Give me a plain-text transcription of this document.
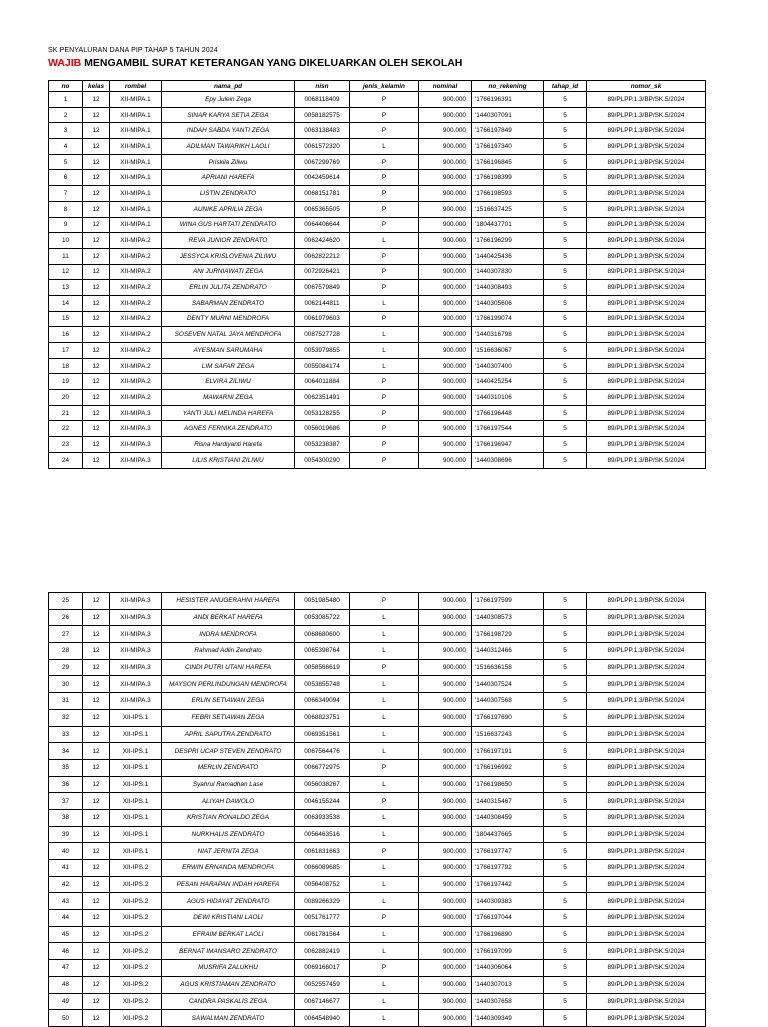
SK PENYALURAN DANA PIP TAHAP 5 TAHUN 2024
WAJIB MENGAMBIL SURAT KETERANGAN YANG DIKELUARKAN OLEH SEKOLAH
no	kelas	rombel	nama_pd	nisn	jenis_kelamin	nominal	no_rekening	tahap_id	nomor_sk
1	12	XII-MIPA.1	Epy Julein Zega	0068118409	P	900.000	'1766196391	5	89/PLPP.1.3/BP/SK.5/2024
2	12	XII-MIPA.1	SINAR KARYA SETIA ZEGA	0058182575	P	900.000	'1440307091	5	89/PLPP.1.3/BP/SK.5/2024
3	12	XII-MIPA.1	INDAH SABDA YANTI ZEGA	0063138483	P	900.000	'1766197849	5	89/PLPP.1.3/BP/SK.5/2024
4	12	XII-MIPA.1	ADILMAN TAWARIKH LAOLI	0061572320	L	900.000	'1766197340	5	89/PLPP.1.3/BP/SK.5/2024
5	12	XII-MIPA.1	Priskila Ziliwu	0067299769	P	900.000	'1766196845	5	89/PLPP.1.3/BP/SK.5/2024
6	12	XII-MIPA.1	APRIANI HAREFA	0042459614	P	900.000	'1766198399	5	89/PLPP.1.3/BP/SK.5/2024
7	12	XII-MIPA.1	LISTIN ZENDRATO	0068151781	P	900.000	'1766198593	5	89/PLPP.1.3/BP/SK.5/2024
8	12	XII-MIPA.1	AUNIKE APRILIA ZEGA	0065365505	P	900.000	'1516637425	5	89/PLPP.1.3/BP/SK.5/2024
9	12	XII-MIPA.1	WINA GUS HARTATI ZENDRATO	0064406644	P	900.000	'1804437701	5	89/PLPP.1.3/BP/SK.5/2024
10	12	XII-MIPA.2	REVA JUNIOR ZENDRATO	0062424620	L	900.000	'1766196299	5	89/PLPP.1.3/BP/SK.5/2024
11	12	XII-MIPA.2	JESSYCA KRISLOVENIA ZILIWU	0062822212	P	900.000	'1440425436	5	89/PLPP.1.3/BP/SK.5/2024
12	12	XII-MIPA.2	ANI JURNIAWATI ZEGA	0072926421	P	900.000	'1440307830	5	89/PLPP.1.3/BP/SK.5/2024
13	12	XII-MIPA.2	ERLIN JULITA ZENDRATO	0067579849	P	900.000	'1440308493	5	89/PLPP.1.3/BP/SK.5/2024
14	12	XII-MIPA.2	SABARMAN ZENDRATO	0062144811	L	900.000	'1440305606	5	89/PLPP.1.3/BP/SK.5/2024
15	12	XII-MIPA.2	DENTY MURNI MENDROFA	0061979603	P	900.000	'1766199074	5	89/PLPP.1.3/BP/SK.5/2024
16	12	XII-MIPA.2	SOSEVEN NATAL JAYA MENDROFA	0087527728	L	900.000	'1440316798	5	89/PLPP.1.3/BP/SK.5/2024
17	12	XII-MIPA.2	AYESMAN SARUMAHA	0053979855	L	900.000	'1516636067	5	89/PLPP.1.3/BP/SK.5/2024
18	12	XII-MIPA.2	LIM SAFAR ZEGA	0055084174	L	900.000	'1440307400	5	89/PLPP.1.3/BP/SK.5/2024
19	12	XII-MIPA.2	ELVIRA ZILIWU	0064011884	P	900.000	'1440425254	5	89/PLPP.1.3/BP/SK.5/2024
20	12	XII-MIPA.2	MAWARNI ZEGA	0062351491	P	900.000	'1440310106	5	89/PLPP.1.3/BP/SK.5/2024
21	12	XII-MIPA.3	YANTI JULI MELINDA HAREFA	0053128255	P	900.000	'1766196448	5	89/PLPP.1.3/BP/SK.5/2024
22	12	XII-MIPA.3	AGNES FERNIKA ZENDRATO	0056019686	P	900.000	'1766197544	5	89/PLPP.1.3/BP/SK.5/2024
23	12	XII-MIPA.3	Risna Hardiyanti Harefa	0053238387	P	900.000	'1766196947	5	89/PLPP.1.3/BP/SK.5/2024
24	12	XII-MIPA.3	LILIS KRISTIANI ZILIWU	0054300290	P	900.000	'1440308696	5	89/PLPP.1.3/BP/SK.5/2024
25	12	XII-MIPA.3	HESISTER ANUGERAHNI HAREFA	0051985480	P	900.000	'1766197599	5	89/PLPP.1.3/BP/SK.5/2024
26	12	XII-MIPA.3	ANDI BERKAT HAREFA	0053085722	L	900.000	'1440308573	5	89/PLPP.1.3/BP/SK.5/2024
27	12	XII-MIPA.3	INDRA MENDROFA	0068680600	L	900.000	'1766198729	5	89/PLPP.1.3/BP/SK.5/2024
28	12	XII-MIPA.3	Rahmad Adlin Zendrato	0065398764	L	900.000	'1440312466	5	89/PLPP.1.3/BP/SK.5/2024
29	12	XII-MIPA.3	CINDI PUTRI UTANI HAREFA	0058566619	P	900.000	'1516636158	5	89/PLPP.1.3/BP/SK.5/2024
30	12	XII-MIPA.3	MAYSON PERLINDUNGAN MENDROFA	0053855748	L	900.000	'1440307524	5	89/PLPP.1.3/BP/SK.5/2024
31	12	XII-MIPA.3	ERLIN SETIAWAN ZEGA	0066349094	L	900.000	'1440307568	5	89/PLPP.1.3/BP/SK.5/2024
32	12	XII-IPS.1	FEBRI SETIAWAN ZEGA	0068823751	L	900.000	'1766197690	5	89/PLPP.1.3/BP/SK.5/2024
33	12	XII-IPS.1	APRIL SAPUTRA ZENDRATO	0069351561	L	900.000	'1516637243	5	89/PLPP.1.3/BP/SK.5/2024
34	12	XII-IPS.1	DESPRI UCAP STEVEN ZENDRATO	0067564476	L	900.000	'1766197191	5	89/PLPP.1.3/BP/SK.5/2024
35	12	XII-IPS.1	MERLIN ZENDRATO	0066772975	P	900.000	'1766196992	5	89/PLPP.1.3/BP/SK.5/2024
36	12	XII-IPS.1	Syahrul Ramadhan Lase	0056038267	L	900.000	'1766198650	5	89/PLPP.1.3/BP/SK.5/2024
37	12	XII-IPS.1	ALIYAH DAWOLO	0046155244	P	900.000	'1440315467	5	89/PLPP.1.3/BP/SK.5/2024
38	12	XII-IPS.1	KRISTIAN RONALDO ZEGA	0063933538	L	900.000	'1440308459	5	89/PLPP.1.3/BP/SK.5/2024
39	12	XII-IPS.1	NURKHALIS ZENDRATO	0056463516	L	900.000	'1804437665	5	89/PLPP.1.3/BP/SK.5/2024
40	12	XII-IPS.1	NIAT JERNITA ZEGA	0061831663	P	900.000	'1766197747	5	89/PLPP.1.3/BP/SK.5/2024
41	12	XII-IPS.2	ERWIN ERNANDA MENDROFA	0066089685	L	900.000	'1766197792	5	89/PLPP.1.3/BP/SK.5/2024
42	12	XII-IPS.2	PESAN HARAPAN INDAH HAREFA	0056408752	L	900.000	'1766197442	5	89/PLPP.1.3/BP/SK.5/2024
43	12	XII-IPS.2	AGUS HIDAYAT ZENDRATO	0089266329	L	900.000	'1440309383	5	89/PLPP.1.3/BP/SK.5/2024
44	12	XII-IPS.2	DEWI KRISTIANI LAOLI	0051761777	P	900.000	'1766197044	5	89/PLPP.1.3/BP/SK.5/2024
45	12	XII-IPS.2	EFRAIM BERKAT LAOLI	0061781564	L	900.000	'1766196890	5	89/PLPP.1.3/BP/SK.5/2024
46	12	XII-IPS.2	BERNAT IMANSARO ZENDRATO	0062882419	L	900.000	'1766197099	5	89/PLPP.1.3/BP/SK.5/2024
47	12	XII-IPS.2	MUSRIFA ZALUKHU	0069166017	P	900.000	'1440306064	5	89/PLPP.1.3/BP/SK.5/2024
48	12	XII-IPS.2	AGUS KRISTIAMAN ZENDRATO	0052557459	L	900.000	'1440307013	5	89/PLPP.1.3/BP/SK.5/2024
49	12	XII-IPS.2	CANDRA PASKALIS ZEGA	0067146677	L	900.000	'1440307658	5	89/PLPP.1.3/BP/SK.5/2024
50	12	XII-IPS.2	SAWALMAN ZENDRATO	0064548940	L	900.000	'1440309349	5	89/PLPP.1.3/BP/SK.5/2024
